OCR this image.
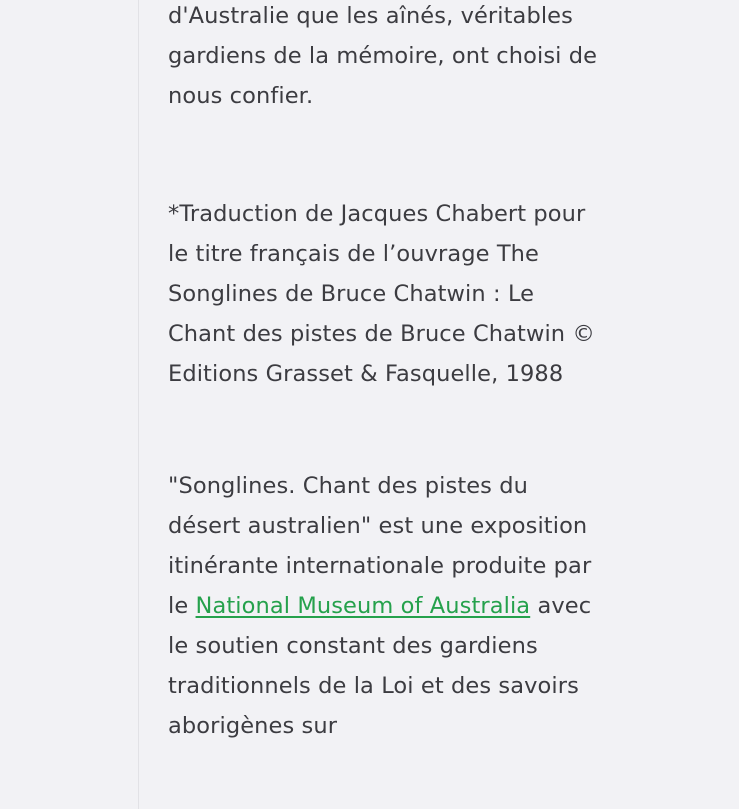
d'Australie que les aînés, véritables gardiens de la mémoire, ont choisi de nous confier.

*Traduction de Jacques Chabert pour le titre français de l’ouvrage The Songlines de Bruce Chatwin : Le Chant des pistes de Bruce Chatwin © Editions Grasset & Fasquelle, 1988

"Songlines. Chant des pistes du désert australien" est une exposition itinérante internationale produite par le National Museum of Australia avec le soutien constant des gardiens traditionnels de la Loi et des savoirs aborigènes sur
